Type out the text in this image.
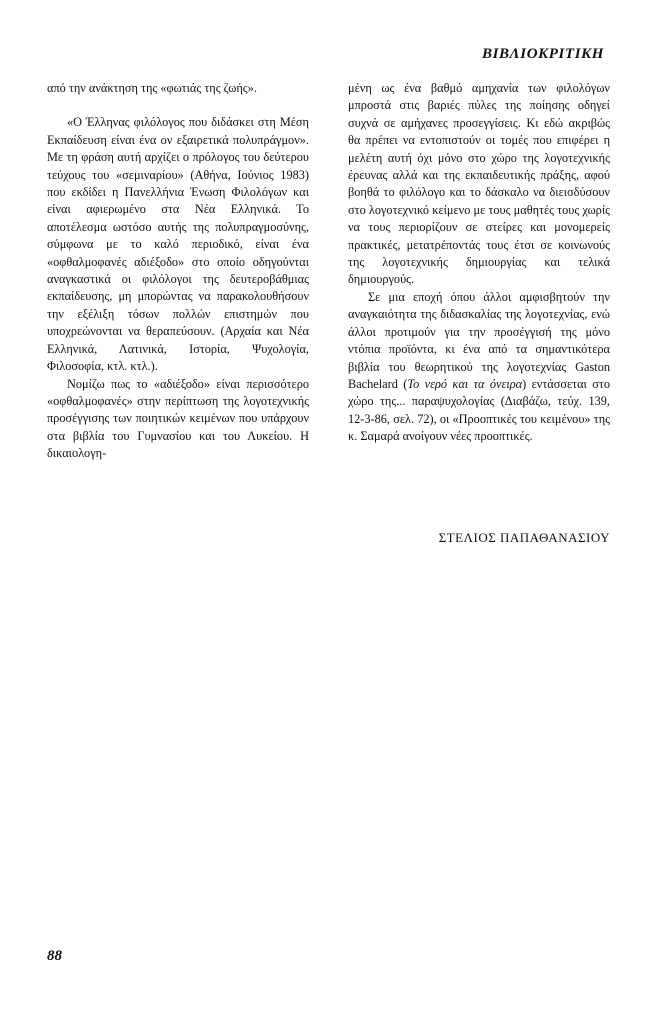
ΒΙΒΛΙΟΚΡΙΤΙΚΗ

από την ανάκτηση της «φωτιάς της ζωής».

«Ο Έλληνας φιλόλογος που διδάσκει στη Μέση Εκπαίδευση είναι ένα ον εξαιρετικά πολυπράγμον». Με τη φράση αυτή αρχίζει ο πρόλογος του δεύτερου τεύχους του «σεμιναρίου» (Αθήνα, Ιούνιος 1983) που εκδίδει η Πανελλήνια Ένωση Φιλολόγων και είναι αφιερωμένο στα Νέα Ελληνικά. Το αποτέλεσμα ωστόσο αυτής της πολυπραγμοσύνης, σύμφωνα με το καλό περιοδικό, είναι ένα «οφθαλμοφανές αδιέξοδο» στο οποίο οδηγούνται αναγκαστικά οι φιλόλογοι της δευτεροβάθμιας εκπαίδευσης, μη μπορώντας να παρακολουθήσουν την εξέλιξη τόσων πολλών επιστημών που υποχρεώνονται να θεραπεύσουν. (Αρχαία και Νέα Ελληνικά, Λατινικά, Ιστορία, Ψυχολογία, Φιλοσοφία, κτλ. κτλ.).

Νομίζω πως το «αδιέξοδο» είναι περισσότερο «οφθαλμοφανές» στην περίπτωση της λογοτεχνικής προσέγγισης των ποιητικών κειμένων που υπάρχουν στα βιβλία του Γυμνασίου και του Λυκείου. Η δικαιολογη-

μένη ως ένα βαθμό αμηχανία των φιλολόγων μπροστά στις βαριές πύλες της ποίησης οδηγεί συχνά σε αμήχανες προσεγγίσεις. Κι εδώ ακριβώς θα πρέπει να εντοπιστούν οι τομές που επιφέρει η μελέτη αυτή όχι μόνο στο χώρο της λογοτεχνικής έρευνας αλλά και της εκπαιδευτικής πράξης, αφού βοηθά το φιλόλογο και το δάσκαλο να διεισδύσουν στο λογοτεχνικό κείμενο με τους μαθητές τους χωρίς να τους περιορίζουν σε στείρες και μονομερείς πρακτικές, μετατρέποντάς τους έτσι σε κοινωνούς της λογοτεχνικής δημιουργίας και τελικά δημιουργούς.

Σε μια εποχή όπου άλλοι αμφισβητούν την αναγκαιότητα της διδασκαλίας της λογοτεχνίας, ενώ άλλοι προτιμούν για την προσέγγισή της μόνο ντόπια προϊόντα, κι ένα από τα σημαντικότερα βιβλία του θεωρητικού της λογοτεχνίας Gaston Bachelard (Το νερό και τα όνειρα) εντάσσεται στο χώρο της... παραψυχολογίας (Διαβάζω, τεύχ. 139, 12-3-86, σελ. 72), οι «Προοπτικές του κειμένου» της κ. Σαμαρά ανοίγουν νέες προοπτικές.

ΣΤΕΛΙΟΣ ΠΑΠΑΘΑΝΑΣΙΟΥ
88
